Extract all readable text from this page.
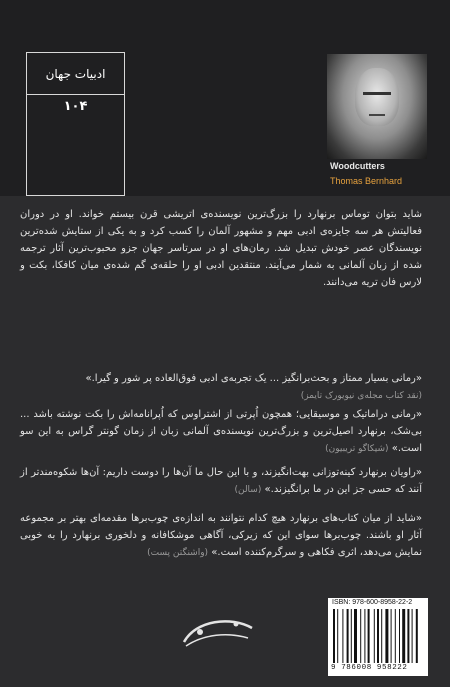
ادبیات جهان
۱۰۴
Woodcutters
Thomas Bernhard
شاید بتوان توماس برنهارد را بزرگ‌ترین نویسنده‌ی اتریشی قرن بیستم خواند. او در دوران فعالیتش هر سه جایزه‌ی ادبی مهم و مشهور آلمان را کسب کرد و به یکی از ستایش شده‌ترین نویسندگان عصر خودش تبدیل شد. رمان‌های او در سرتاسر جهان جزو محبوب‌ترین آثار ترجمه شده از زبان آلمانی به شمار می‌آیند. منتقدین ادبی او را حلقه‌ی گم شده‌ی میان کافکا، بکت و لارس فان تریه می‌دانند.
«رمانی بسیار ممتاز و بحث‌برانگیز ... یک تجربه‌ی ادبی فوق‌العاده پر شور و گیرا.»
(نقد کتاب مجله‌ی نیویورک تایمز)
«رمانی دراماتیک و موسیقایی؛ همچون اُپرتی از اشتراوس که اُپرانامه‌اش را بکت نوشته باشد ... بی‌شک، برنهارد اصیل‌ترین و بزرگ‌ترین نویسنده‌ی آلمانی زبان از زمان گونتر گراس به این سو است.» (شیکاگو تریبیون)
«راویان برنهارد کینه‌توزانی بهت‌انگیزند، و با این حال ما آن‌ها را دوست داریم: آن‌ها شکوه‌مندتر از آنند که حسی جز این در ما برانگیزند.» (سالن)
«شاید از میان کتاب‌های برنهارد هیچ کدام نتوانند به اندازه‌ی چوب‌برها مقدمه‌ای بهتر بر مجموعه آثار او باشند. چوب‌برها سوای این که زیرکی، آگاهی موشکافانه و دلخوری برنهارد را به خوبی نمایش می‌دهد، اثری فکاهی و سرگرم‌کننده است.» (واشنگتن پست)
ISBN: 978-600-8958-22-2
9 786008 958222
